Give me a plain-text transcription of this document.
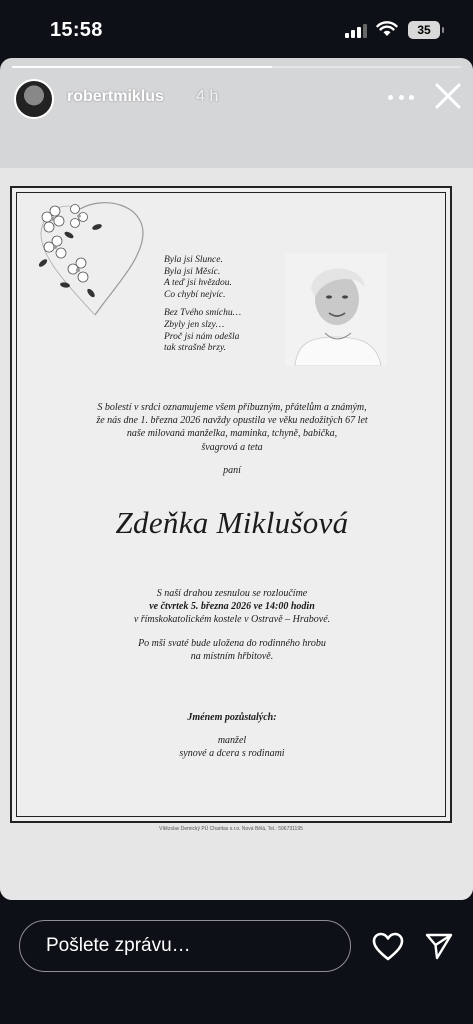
15:58	35
robertmiklus 4 h

Byla jsi Slunce.
Byla jsi Měsíc.
A teď jsi hvězdou.
Co chybí nejvíc.

Bez Tvého smíchu…
Zbyly jen slzy…
Proč jsi nám odešla
tak strašně brzy.

S bolestí v srdci oznamujeme všem příbuzným, přátelům a známým,
že nás dne 1. března 2026 navždy opustila ve věku nedožitých 67 let
naše milovaná manželka, maminka, tchyně, babička,
švagrová a teta
paní
Zdeňka Miklušová
S naší drahou zesnulou se rozloučíme
ve čtvrtek 5. března 2026 ve 14:00 hodin
v římskokatolickém kostele v Ostravě – Hrabové.
Po mši svaté bude uložena do rodinného hrobu
na místním hřbitově.
Jménem pozůstalých:
manžel
synové a dcera s rodinami
Vítězslav Demický PÚ Charitas s.r.o. Nová Bělá, Tel.: 596731195
Pošlete zprávu…
